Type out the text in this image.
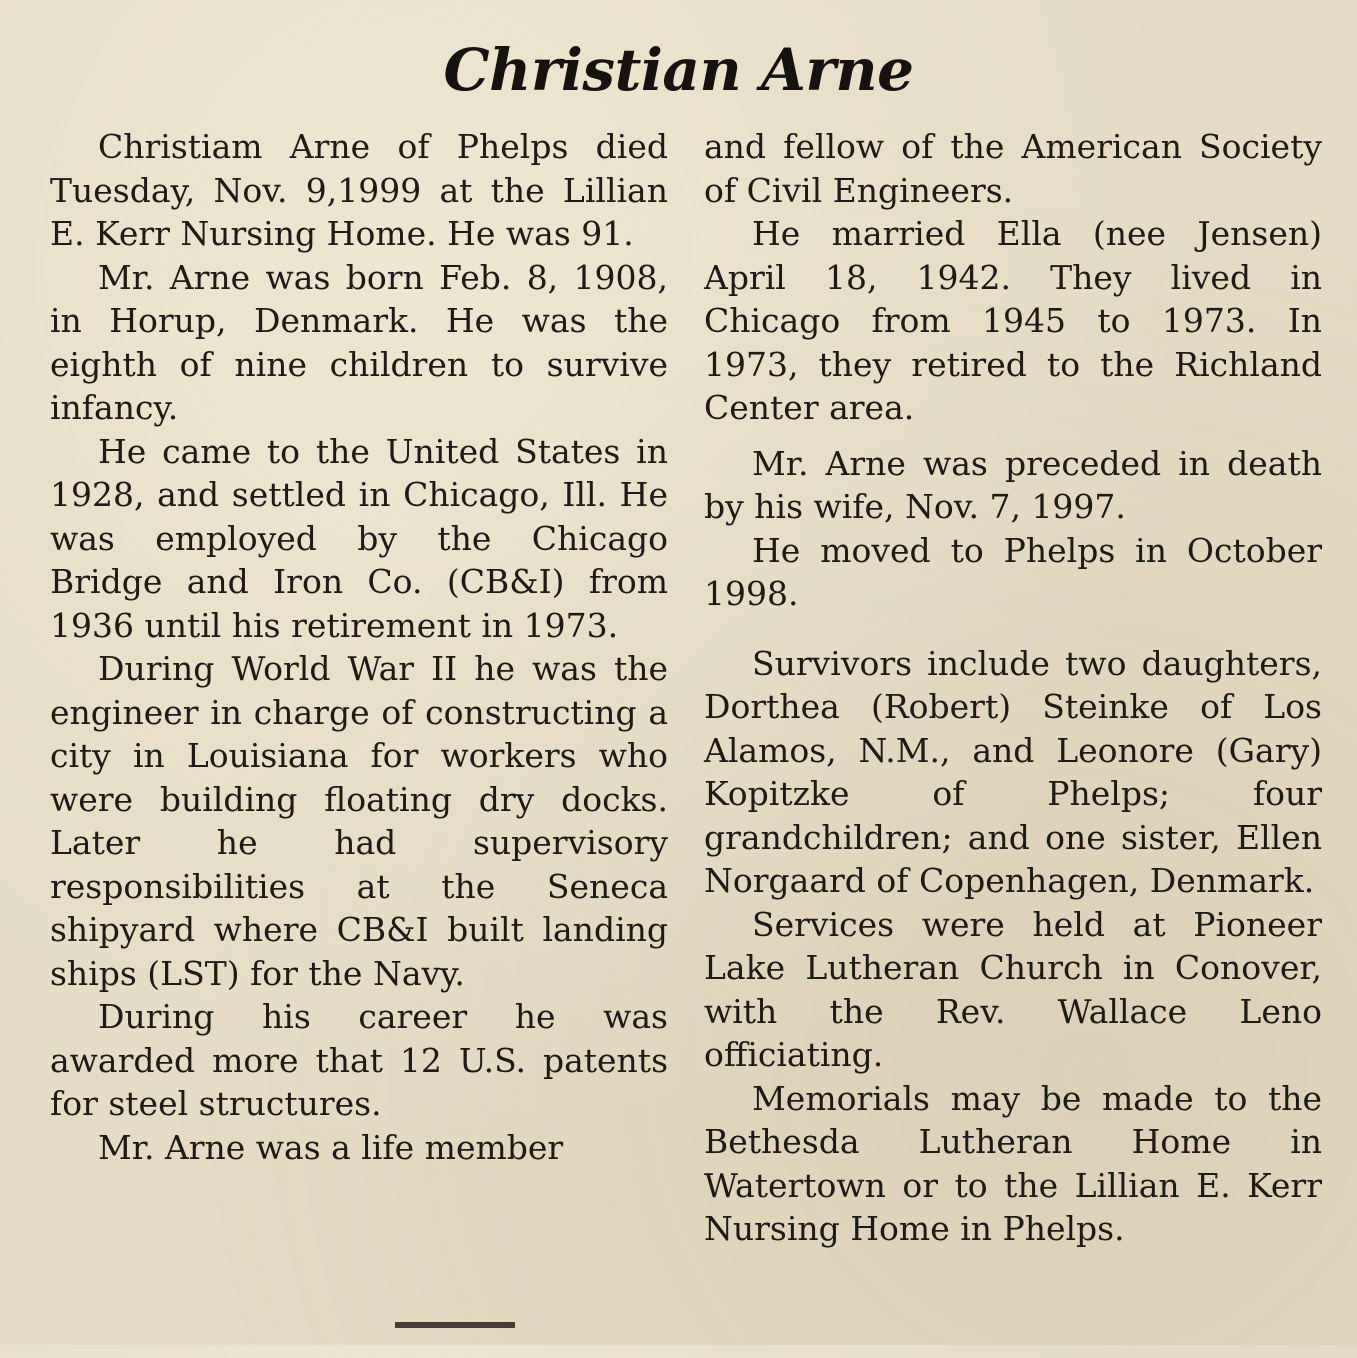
Christian Arne

Christiam Arne of Phelps died Tuesday, Nov. 9,1999 at the Lillian E. Kerr Nursing Home. He was 91.

Mr. Arne was born Feb. 8, 1908, in Horup, Denmark. He was the eighth of nine children to survive infancy.

He came to the United States in 1928, and settled in Chicago, Ill. He was employed by the Chicago Bridge and Iron Co. (CB&I) from 1936 until his retirement in 1973.

During World War II he was the engineer in charge of constructing a city in Louisiana for workers who were building floating dry docks. Later he had supervisory responsibilities at the Seneca shipyard where CB&I built landing ships (LST) for the Navy.

During his career he was awarded more that 12 U.S. patents for steel structures.

Mr. Arne was a life member

and fellow of the American Society of Civil Engineers.

He married Ella (nee Jensen) April 18, 1942. They lived in Chicago from 1945 to 1973. In 1973, they retired to the Richland Center area.

Mr. Arne was preceded in death by his wife, Nov. 7, 1997.

He moved to Phelps in October 1998.

Survivors include two daughters, Dorthea (Robert) Steinke of Los Alamos, N.M., and Leonore (Gary) Kopitzke of Phelps; four grandchildren; and one sister, Ellen Norgaard of Copenhagen, Denmark.

Services were held at Pioneer Lake Lutheran Church in Conover, with the Rev. Wallace Leno officiating.

Memorials may be made to the Bethesda Lutheran Home in Watertown or to the Lillian E. Kerr Nursing Home in Phelps.
